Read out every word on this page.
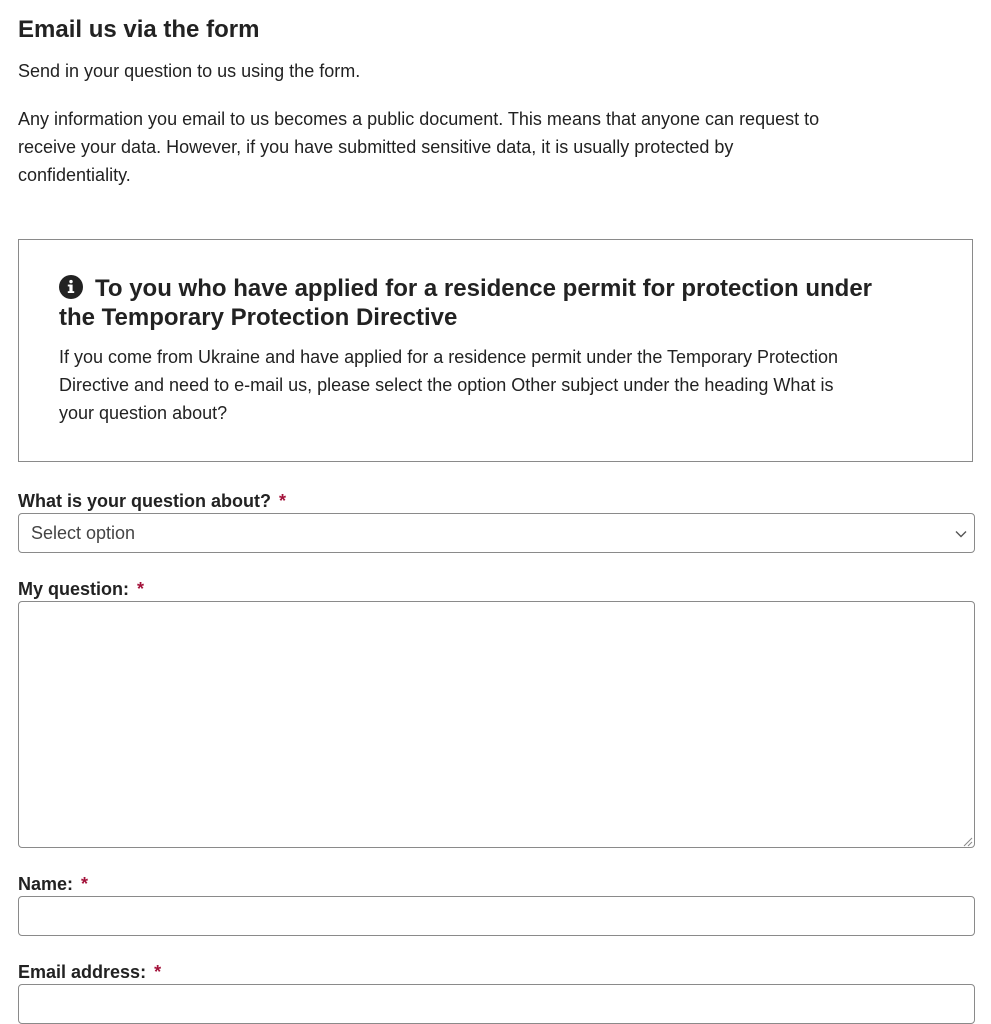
Email us via the form

Send in your question to us using the form.

Any information you email to us becomes a public document. This means that anyone can request to receive your data. However, if you have submitted sensitive data, it is usually protected by confidentiality.

To you who have applied for a residence permit for protection under the Temporary Protection Directive

If you come from Ukraine and have applied for a residence permit under the Temporary Protection Directive and need to e-mail us, please select the option Other subject under the heading What is your question about?

What is your question about? *
Select option
My question: *
Name: *
Email address: *
